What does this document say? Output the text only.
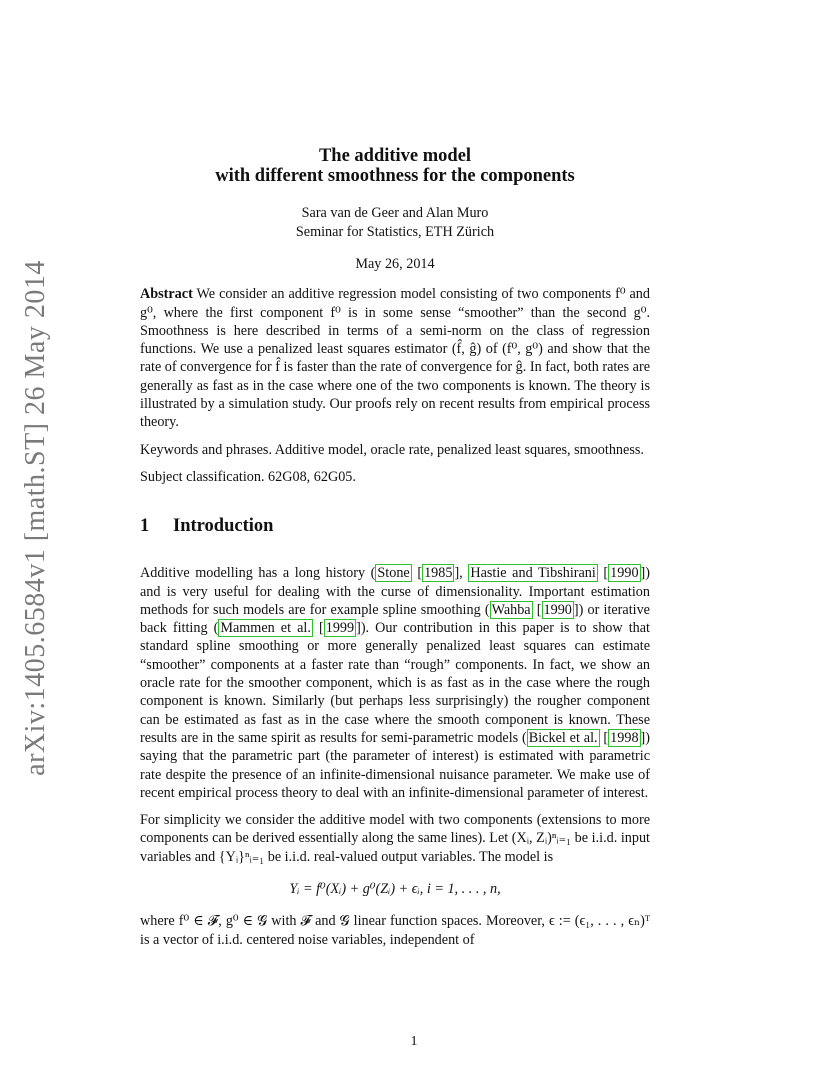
arXiv:1405.6584v1 [math.ST] 26 May 2014
The additive model
with different smoothness for the components
Sara van de Geer and Alan Muro
Seminar for Statistics, ETH Zürich
May 26, 2014

Abstract We consider an additive regression model consisting of two components f⁰ and g⁰, where the first component f⁰ is in some sense “smoother” than the second g⁰. Smoothness is here described in terms of a semi-norm on the class of regression functions. We use a penalized least squares estimator (f̂, ĝ) of (f⁰, g⁰) and show that the rate of convergence for f̂ is faster than the rate of convergence for ĝ. In fact, both rates are generally as fast as in the case where one of the two components is known. The theory is illustrated by a simulation study. Our proofs rely on recent results from empirical process theory.

Keywords and phrases. Additive model, oracle rate, penalized least squares, smoothness.

Subject classification. 62G08, 62G05.

1 Introduction

Additive modelling has a long history ( Stone [ 1985 ], Hastie and Tibshirani [ 1990 ]) and is very useful for dealing with the curse of dimensionality. Important estimation methods for such models are for example spline smoothing ( Wahba [ 1990 ]) or iterative back fitting ( Mammen et al. [ 1999 ]). Our contribution in this paper is to show that standard spline smoothing or more generally penalized least squares can estimate “smoother” components at a faster rate than “rough” components. In fact, we show an oracle rate for the smoother component, which is as fast as in the case where the rough component is known. Similarly (but perhaps less surprisingly) the rougher component can be estimated as fast as in the case where the smooth component is known. These results are in the same spirit as results for semi-parametric models ( Bickel et al. [ 1998 ]) saying that the parametric part (the parameter of interest) is estimated with parametric rate despite the presence of an infinite-dimensional nuisance parameter. We make use of recent empirical process theory to deal with an infinite-dimensional parameter of interest.

For simplicity we consider the additive model with two components (extensions to more components can be derived essentially along the same lines). Let (Xᵢ, Zᵢ)ⁿᵢ₌₁ be i.i.d. input variables and {Yᵢ}ⁿᵢ₌₁ be i.i.d. real-valued output variables. The model is

Yᵢ = f⁰(Xᵢ) + g⁰(Zᵢ) + ϵᵢ, i = 1, . . . , n,

where f⁰ ∈ 𝓕, g⁰ ∈ 𝓖 with 𝓕 and 𝓖 linear function spaces. Moreover, ϵ := (ϵ₁, . . . , ϵₙ)ᵀ is a vector of i.i.d. centered noise variables, independent of

1
